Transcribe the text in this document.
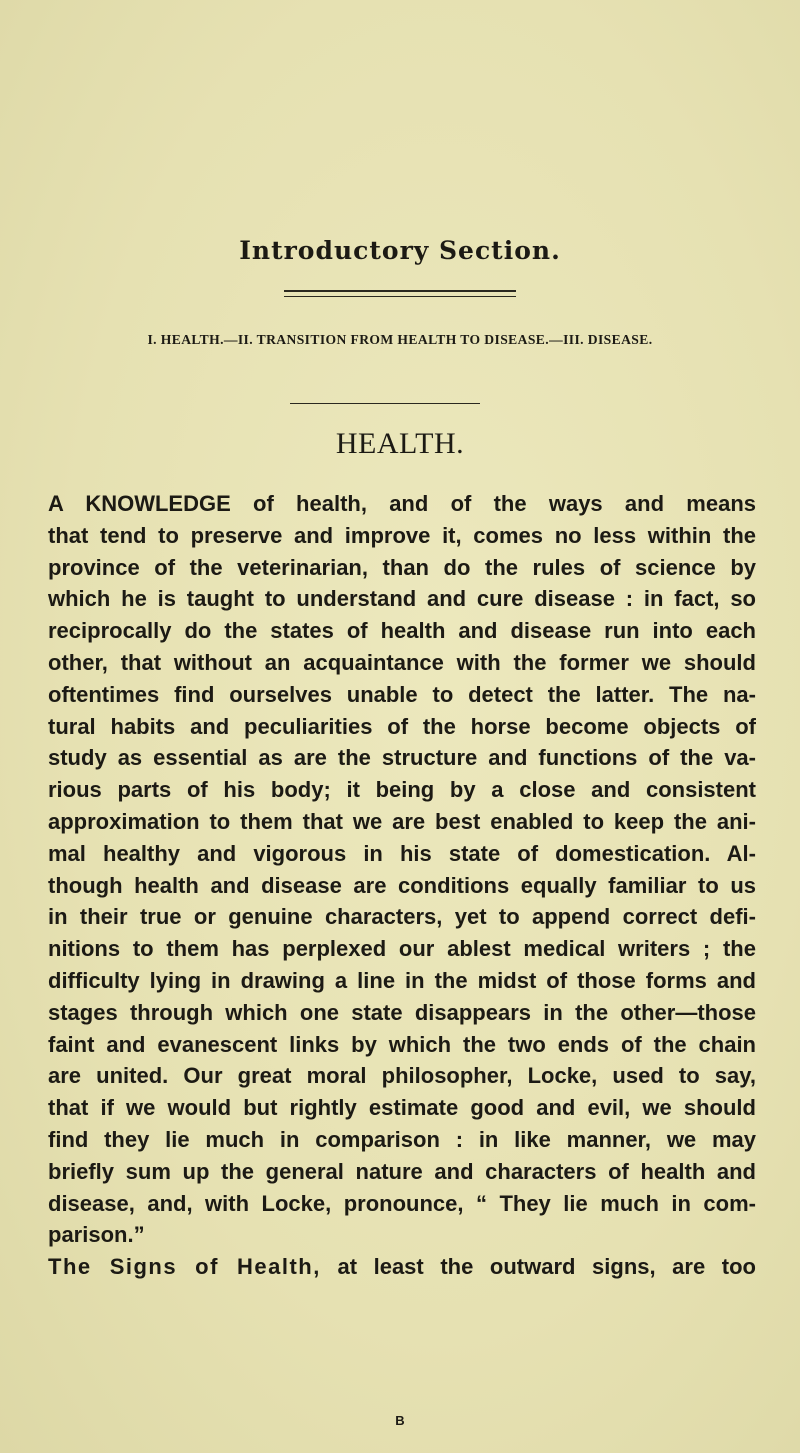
Introductory Section.
I. HEALTH.—II. TRANSITION FROM HEALTH TO DISEASE.—III. DISEASE.
HEALTH.
A KNOWLEDGE of health, and of the ways and means
that tend to preserve and improve it, comes no less within the
province of the veterinarian, than do the rules of science by
which he is taught to understand and cure disease : in fact, so
reciprocally do the states of health and disease run into each
other, that without an acquaintance with the former we should
oftentimes find ourselves unable to detect the latter. The na-
tural habits and peculiarities of the horse become objects of
study as essential as are the structure and functions of the va-
rious parts of his body; it being by a close and consistent
approximation to them that we are best enabled to keep the ani-
mal healthy and vigorous in his state of domestication. Al-
though health and disease are conditions equally familiar to us
in their true or genuine characters, yet to append correct defi-
nitions to them has perplexed our ablest medical writers ; the
difficulty lying in drawing a line in the midst of those forms and
stages through which one state disappears in the other—those
faint and evanescent links by which the two ends of the chain
are united. Our great moral philosopher, Locke, used to say,
that if we would but rightly estimate good and evil, we should
find they lie much in comparison : in like manner, we may
briefly sum up the general nature and characters of health and
disease, and, with Locke, pronounce, “ They lie much in com-
parison.”
The Signs of Health, at least the outward signs, are too
B
